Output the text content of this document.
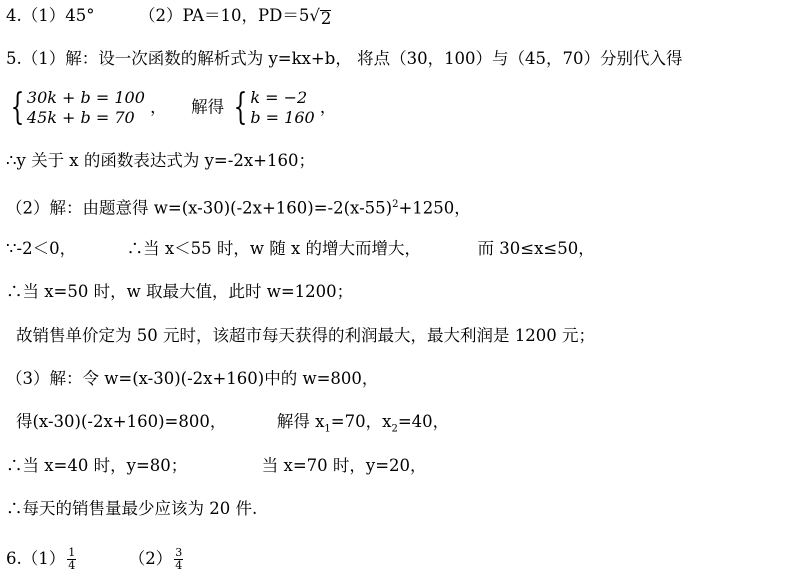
4.（1）45°	（2）PA＝10，PD＝5√ 2
5.（1）解：设一次函数的解析式为 y=kx+b， 将点（30，100）与（45，70）分别代入得
{ 30k + b = 100
45k + b = 70
， 解得 { k = −2
b = 160
，
∴y 关于 x 的函数表达式为 y=-2x+160；
（2）解：由题意得 $w=(x-30)(-2x+160)=-2(x-55)^2+1250$，
∵-2＜0，	∴当 x＜55 时，w 随 x 的增大而增大，	而 30≤x≤50，
∴当 x=50 时，w 取最大值，此时 w=1200；
故销售单价定为 50 元时，该超市每天获得的利润最大，最大利润是 1200 元；
（3）解：令 w=(x-30)(-2x+160)中的 w=800，
得(x-30)(-2x+160)=800，	解得 $x_1=70$，$x_2=40$，
∴当 x=40 时，y=80；	当 x=70 时，y=20，
∴每天的销售量最少应该为 20 件.
$6.(1) \frac{1}{4}$	$(2) \frac{3}{4}$
